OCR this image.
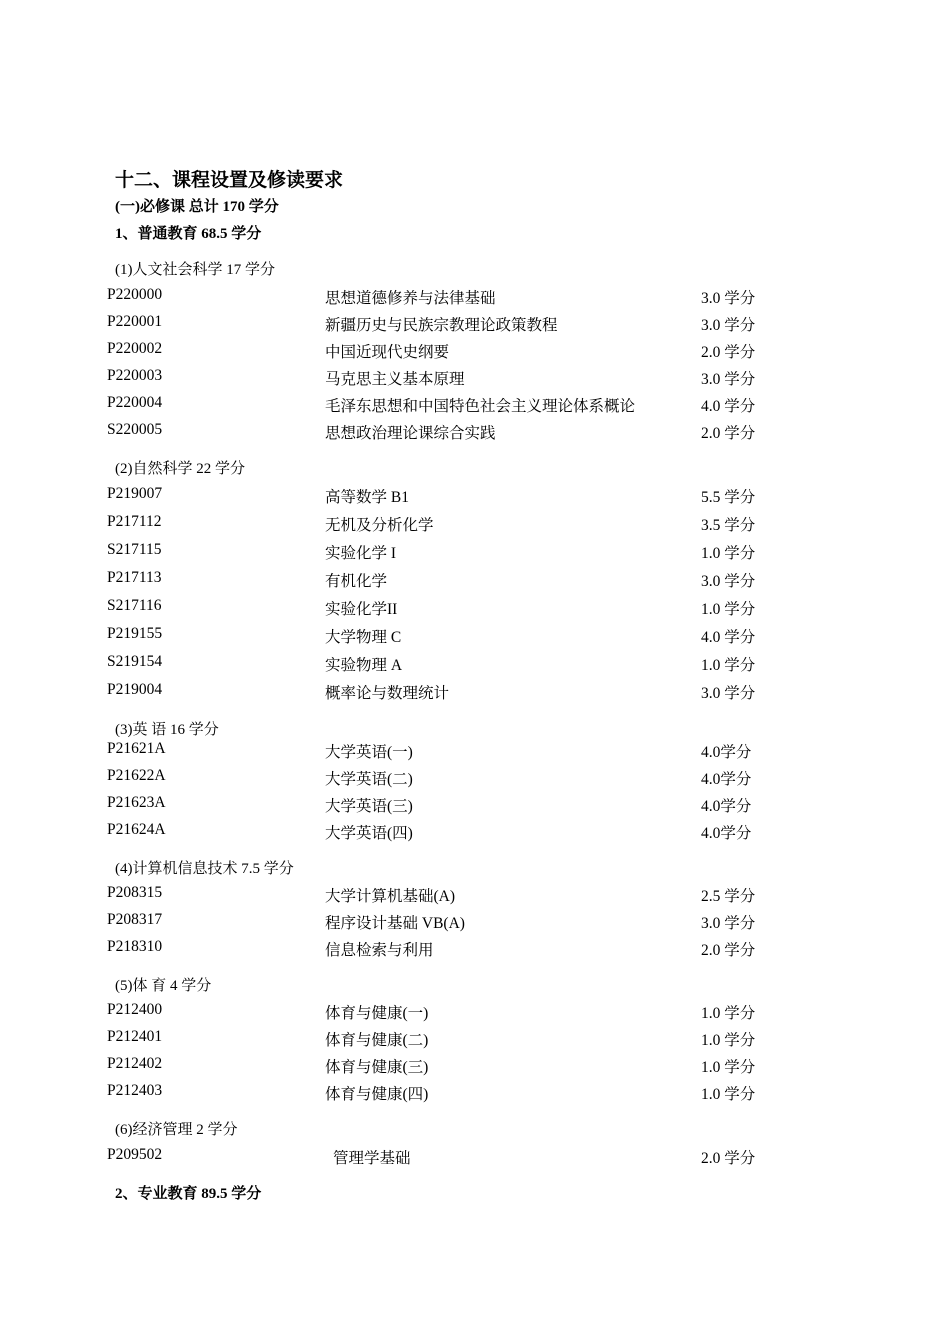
十二、课程设置及修读要求
(一)必修课 总计 170 学分
1、普通教育 68.5 学分
(1)人文社会科学 17 学分
P220000	思想道德修养与法律基础	3.0 学分
P220001	新疆历史与民族宗教理论政策教程	3.0 学分
P220002	中国近现代史纲要	2.0 学分
P220003	马克思主义基本原理	3.0 学分
P220004	毛泽东思想和中国特色社会主义理论体系概论	4.0 学分
S220005	思想政治理论课综合实践	2.0 学分
(2)自然科学 22 学分
P219007	高等数学 B1	5.5 学分
P217112	无机及分析化学	3.5 学分
S217115	实验化学 I	1.0 学分
P217113	有机化学	3.0 学分
S217116	实验化学II	1.0 学分
P219155	大学物理 C	4.0 学分
S219154	实验物理 A	1.0 学分
P219004	概率论与数理统计	3.0 学分
(3)英 语 16 学分
P21621A	大学英语(一)	4.0学分
P21622A	大学英语(二)	4.0学分
P21623A	大学英语(三)	4.0学分
P21624A	大学英语(四)	4.0学分
(4)计算机信息技术 7.5 学分
P208315	大学计算机基础(A)	2.5 学分
P208317	程序设计基础 VB(A)	3.0 学分
P218310	信息检索与利用	2.0 学分
(5)体 育 4 学分
P212400	体育与健康(一)	1.0 学分
P212401	体育与健康(二)	1.0 学分
P212402	体育与健康(三)	1.0 学分
P212403	体育与健康(四)	1.0 学分
(6)经济管理 2 学分
P209502	管理学基础	2.0 学分
2、专业教育 89.5 学分
